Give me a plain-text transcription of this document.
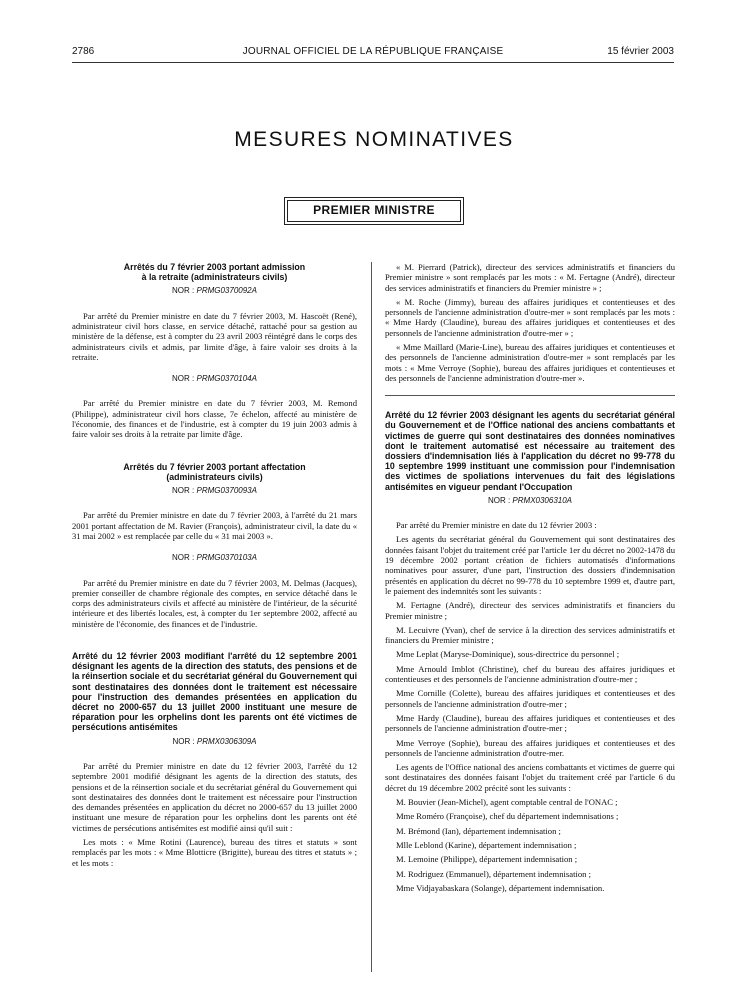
2786	JOURNAL OFFICIEL DE LA RÉPUBLIQUE FRANÇAISE	15 février 2003
MESURES NOMINATIVES
PREMIER MINISTRE
Arrêtés du 7 février 2003 portant admission
à la retraite (administrateurs civils)
NOR : PRMG0370092A

Par arrêté du Premier ministre en date du 7 février 2003, M. Hascoët (René), administrateur civil hors classe, en service détaché, rattaché pour sa gestion au ministère de la défense, est à compter du 23 avril 2003 réintégré dans le corps des administrateurs civils et admis, par limite d'âge, à faire valoir ses droits à la retraite.

NOR : PRMG0370104A

Par arrêté du Premier ministre en date du 7 février 2003, M. Remond (Philippe), administrateur civil hors classe, 7e échelon, affecté au ministère de l'économie, des finances et de l'industrie, est à compter du 19 juin 2003 admis à faire valoir ses droits à la retraite par limite d'âge.

Arrêtés du 7 février 2003 portant affectation
(administrateurs civils)
NOR : PRMG0370093A

Par arrêté du Premier ministre en date du 7 février 2003, à l'arrêté du 21 mars 2001 portant affectation de M. Ravier (François), administrateur civil, la date du « 31 mai 2002 » est remplacée par celle du « 31 mai 2003 ».

NOR : PRMG0370103A

Par arrêté du Premier ministre en date du 7 février 2003, M. Delmas (Jacques), premier conseiller de chambre régionale des comptes, en service détaché dans le corps des administrateurs civils et affecté au ministère de l'intérieur, de la sécurité intérieure et des libertés locales, est, à compter du 1er septembre 2002, affecté au ministère de l'économie, des finances et de l'industrie.

Arrêté du 12 février 2003 modifiant l'arrêté du 12 septembre 2001 désignant les agents de la direction des statuts, des pensions et de la réinsertion sociale et du secrétariat général du Gouvernement qui sont destinataires des données dont le traitement est nécessaire pour l'instruction des demandes présentées en application du décret no 2000-657 du 13 juillet 2000 instituant une mesure de réparation pour les orphelins dont les parents ont été victimes de persécutions antisémites
NOR : PRMX0306309A

Par arrêté du Premier ministre en date du 12 février 2003, l'arrêté du 12 septembre 2001 modifié désignant les agents de la direction des statuts, des pensions et de la réinsertion sociale et du secrétariat général du Gouvernement qui sont destinataires des données dont le traitement est nécessaire pour l'instruction des demandes présentées en application du décret no 2000-657 du 13 juillet 2000 instituant une mesure de réparation pour les orphelins dont les parents ont été victimes de persécutions antisémites est modifié ainsi qu'il suit :

Les mots : « Mme Rotini (Laurence), bureau des titres et statuts » sont remplacés par les mots : « Mme Blotticre (Brigitte), bureau des titres et statuts » ; et les mots :

« M. Pierrard (Patrick), directeur des services administratifs et financiers du Premier ministre » sont remplacés par les mots : « M. Fertagne (André), directeur des services administratifs et financiers du Premier ministre » ;

« M. Roche (Jimmy), bureau des affaires juridiques et contentieuses et des personnels de l'ancienne administration d'outre-mer » sont remplacés par les mots : « Mme Hardy (Claudine), bureau des affaires juridiques et contentieuses et des personnels de l'ancienne administration d'outre-mer » ;

« Mme Maillard (Marie-Line), bureau des affaires juridiques et contentieuses et des personnels de l'ancienne administration d'outre-mer » sont remplacés par les mots : « Mme Verroye (Sophie), bureau des affaires juridiques et contentieuses et des personnels de l'ancienne administration d'outre-mer ».

Arrêté du 12 février 2003 désignant les agents du secrétariat général du Gouvernement et de l'Office national des anciens combattants et victimes de guerre qui sont destinataires des données nominatives dont le traitement automatisé est nécessaire au traitement des dossiers d'indemnisation liés à l'application du décret no 99-778 du 10 septembre 1999 instituant une commission pour l'indemnisation des victimes de spoliations intervenues du fait des législations antisémites en vigueur pendant l'Occupation
NOR : PRMX0306310A

Par arrêté du Premier ministre en date du 12 février 2003 :

Les agents du secrétariat général du Gouvernement qui sont destinataires des données faisant l'objet du traitement créé par l'article 1er du décret no 2002-1478 du 19 décembre 2002 portant création de fichiers automatisés d'informations nominatives pour assurer, d'une part, l'instruction des dossiers d'indemnisation présentés en application du décret no 99-778 du 10 septembre 1999 et, d'autre part, le paiement des indemnités sont les suivants :

M. Fertagne (André), directeur des services administratifs et financiers du Premier ministre ;

M. Lecuivre (Yvan), chef de service à la direction des services administratifs et financiers du Premier ministre ;

Mme Leplat (Maryse-Dominique), sous-directrice du personnel ;

Mme Arnould Imblot (Christine), chef du bureau des affaires juridiques et contentieuses et des personnels de l'ancienne administration d'outre-mer ;

Mme Cornille (Colette), bureau des affaires juridiques et contentieuses et des personnels de l'ancienne administration d'outre-mer ;

Mme Hardy (Claudine), bureau des affaires juridiques et contentieuses et des personnels de l'ancienne administration d'outre-mer ;

Mme Verroye (Sophie), bureau des affaires juridiques et contentieuses et des personnels de l'ancienne administration d'outre-mer.

Les agents de l'Office national des anciens combattants et victimes de guerre qui sont destinataires des données faisant l'objet du traitement créé par l'article 6 du décret du 19 décembre 2002 précité sont les suivants :

M. Bouvier (Jean-Michel), agent comptable central de l'ONAC ;

Mme Roméro (Françoise), chef du département indemnisations ;

M. Brémond (Ian), département indemnisation ;

Mlle Leblond (Karine), département indemnisation ;

M. Lemoine (Philippe), département indemnisation ;

M. Rodriguez (Emmanuel), département indemnisation ;

Mme Vidjayabaskara (Solange), département indemnisation.
